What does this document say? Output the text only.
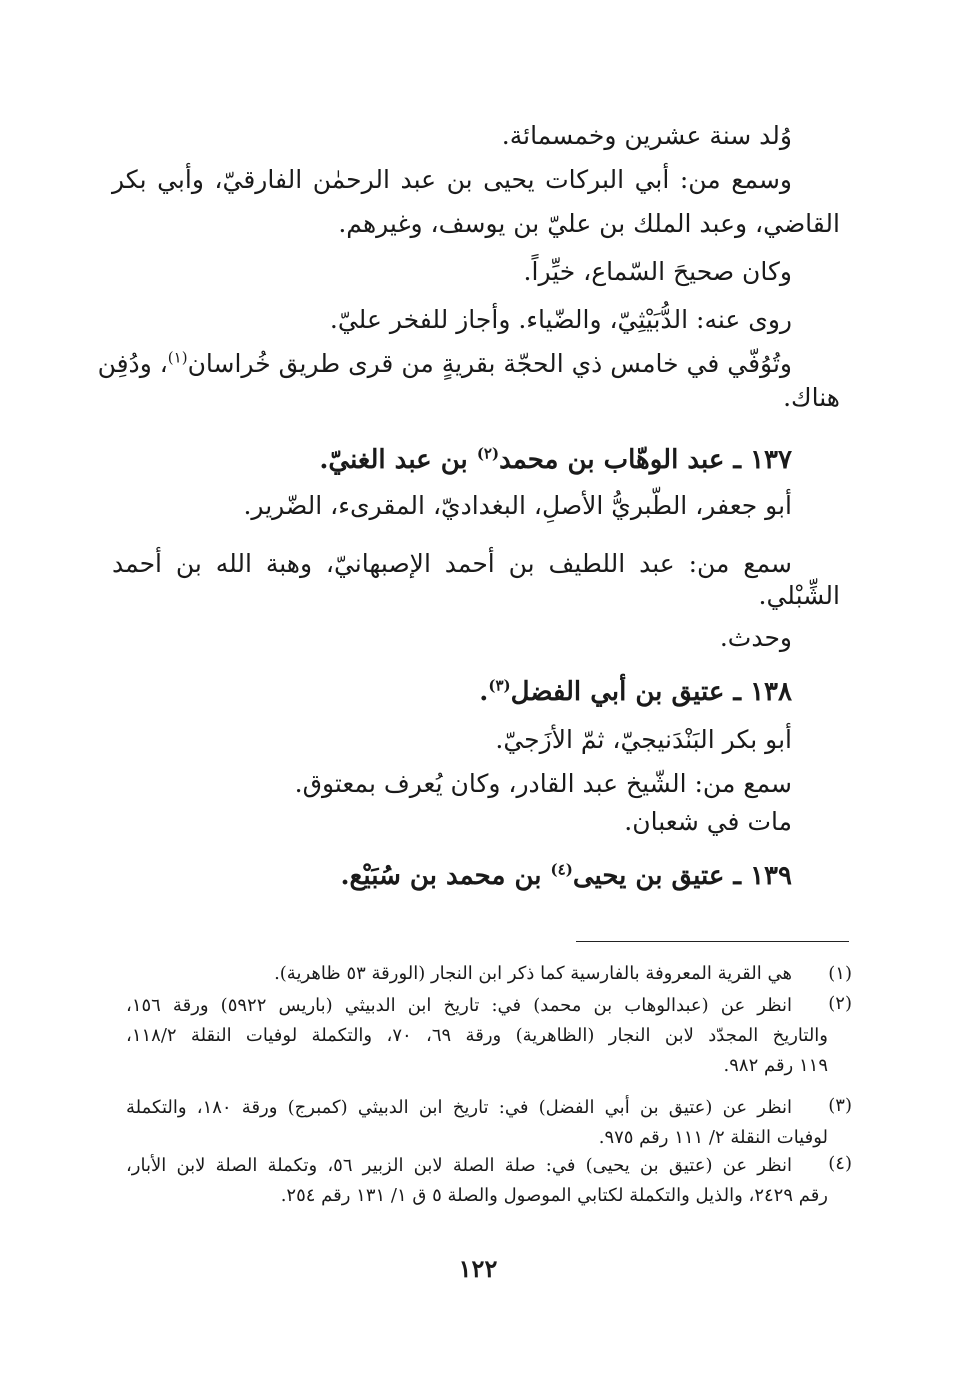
وُلد سنة عشرين وخمسمائة.
وسمع من: أبي البركات يحيى بن عبد الرحمٰن الفارقيّ، وأبي بكر
القاضي، وعبد الملك بن عليّ بن يوسف، وغيرهم.
وكان صحيحَ السّماع، خيِّراً.
روى عنه: الدُّبَيْثِيّ، والضّياء. وأجاز للفخر عليّ.
وتُوُفّي في خامس ذي الحجّة بقريةٍ من قرى طريق خُراسان$^{(١)}$، ودُفِن
هناك.
١٣٧ ـ عبد الوهّاب بن محمد$^{(٢)}$ بن عبد الغنيّ.
أبو جعفر، الطّبريُّ الأصلِ، البغداديّ، المقرىء، الضّرير.
سمع من: عبد اللطيف بن أحمد الإصبهانيّ، وهبة الله بن أحمد
الشِّبْلي.
وحدث.
١٣٨ ـ عتيق بن أبي الفضل$^{(٣)}$.
أبو بكر البَنْدَنيجيّ، ثمّ الأزَجيّ.
سمع من: الشّيخ عبد القادر، وكان يُعرف بمعتوق.
مات في شعبان.
١٣٩ ـ عتيق بن يحيى$^{(٤)}$ بن محمد بن سُبَيْع.
(١)
هي القرية المعروفة بالفارسية كما ذكر ابن النجار (الورقة ٥٣ ظاهرية).
(٢)
انظر عن (عبدالوهاب بن محمد) في: تاريخ ابن الدبيثي (باريس ٥٩٢٢) ورقة ١٥٦،
والتاريخ المجدّد لابن النجار (الظاهرية) ورقة ٦٩، ٧٠، والتكملة لوفيات النقلة ١١٨/٢،
١١٩ رقم ٩٨٢.
(٣)
انظر عن (عتيق بن أبي الفضل) في: تاريخ ابن الدبيثي (كمبرج) ورقة ١٨٠، والتكملة
لوفيات النقلة ٢/ ١١١ رقم ٩٧٥.
(٤)
انظر عن (عتيق بن يحيى) في: صلة الصلة لابن الزبير ٥٦، وتكملة الصلة لابن الأبار،
رقم ٢٤٢٩، والذيل والتكملة لكتابي الموصول والصلة ٥ ق ١/ ١٣١ رقم ٢٥٤.
١٢٢
